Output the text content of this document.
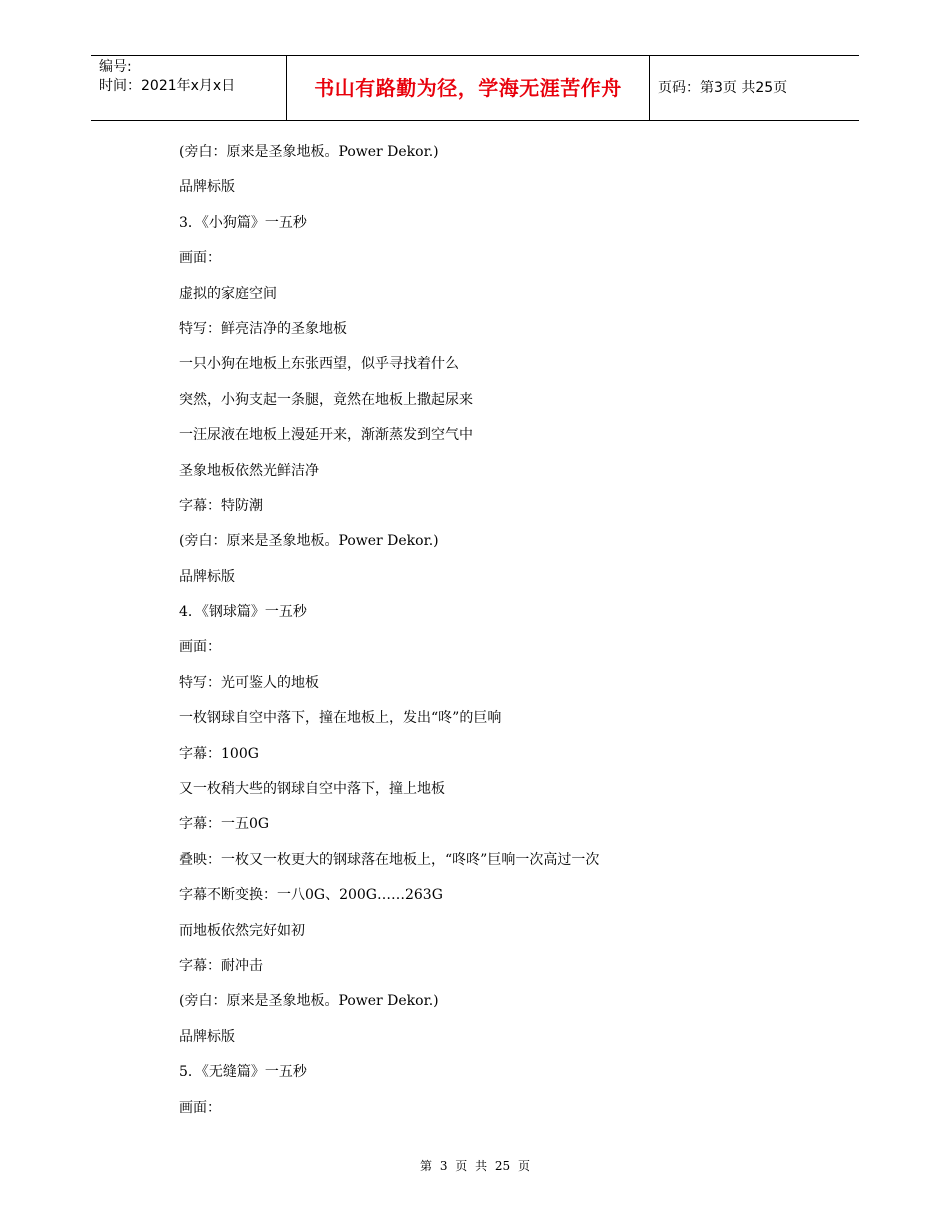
编号:
时间：2021年x月x日	书山有路勤为径，学海无涯苦作舟	页码：第3页 共25页
(旁白：原来是圣象地板。Power Dekor.)
品牌标版
3．《小狗篇》一五秒
画面：
虚拟的家庭空间
特写：鲜亮洁净的圣象地板
一只小狗在地板上东张西望，似乎寻找着什么
突然，小狗支起一条腿，竟然在地板上撒起尿来
一汪尿液在地板上漫延开来，渐渐蒸发到空气中
圣象地板依然光鲜洁净
字幕：特防潮
(旁白：原来是圣象地板。Power Dekor.)
品牌标版
4．《钢球篇》一五秒
画面：
特写：光可鉴人的地板
一枚钢球自空中落下，撞在地板上，发出“咚”的巨响
字幕：100G
又一枚稍大些的钢球自空中落下，撞上地板
字幕：一五0G
叠映：一枚又一枚更大的钢球落在地板上，“咚咚”巨响一次高过一次
字幕不断变换：一八0G、200G……263G
而地板依然完好如初
字幕：耐冲击
(旁白：原来是圣象地板。Power Dekor.)
品牌标版
5．《无缝篇》一五秒
画面：
第 3 页 共 25 页
